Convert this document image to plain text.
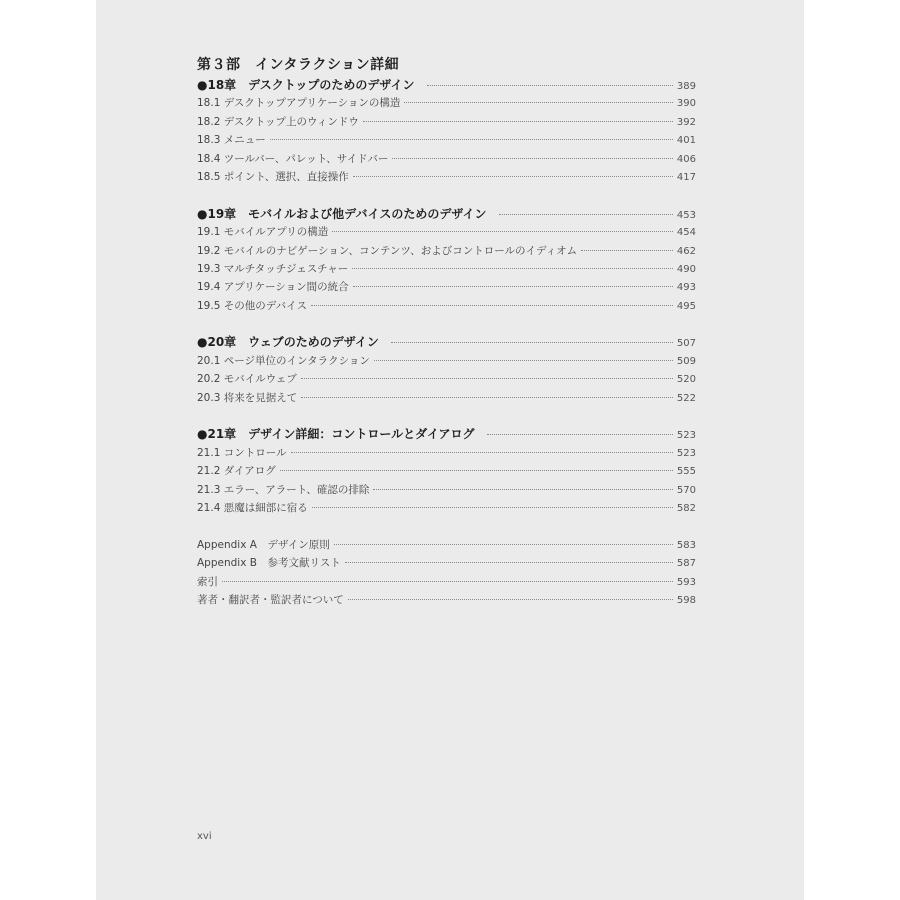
第３部　インタラクション詳細
●18章　デスクトップのためのデザイン	389
18.1 デスクトップアプリケーションの構造	390
18.2 デスクトップ上のウィンドウ	392
18.3 メニュー	401
18.4 ツールバー、パレット、サイドバー	406
18.5 ポイント、選択、直接操作	417
●19章　モバイルおよび他デバイスのためのデザイン	453
19.1 モバイルアプリの構造	454
19.2 モバイルのナビゲーション、コンテンツ、およびコントロールのイディオム	462
19.3 マルチタッチジェスチャー	490
19.4 アプリケーション間の統合	493
19.5 その他のデバイス	495
●20章　ウェブのためのデザイン	507
20.1 ページ単位のインタラクション	509
20.2 モバイルウェブ	520
20.3 将来を見据えて	522
●21章　デザイン詳細：コントロールとダイアログ	523
21.1 コントロール	523
21.2 ダイアログ	555
21.3 エラー、アラート、確認の排除	570
21.4 悪魔は細部に宿る	582
Appendix A　デザイン原則	583
Appendix B　参考文献リスト	587
索引	593
著者・翻訳者・監訳者について	598
xvi
